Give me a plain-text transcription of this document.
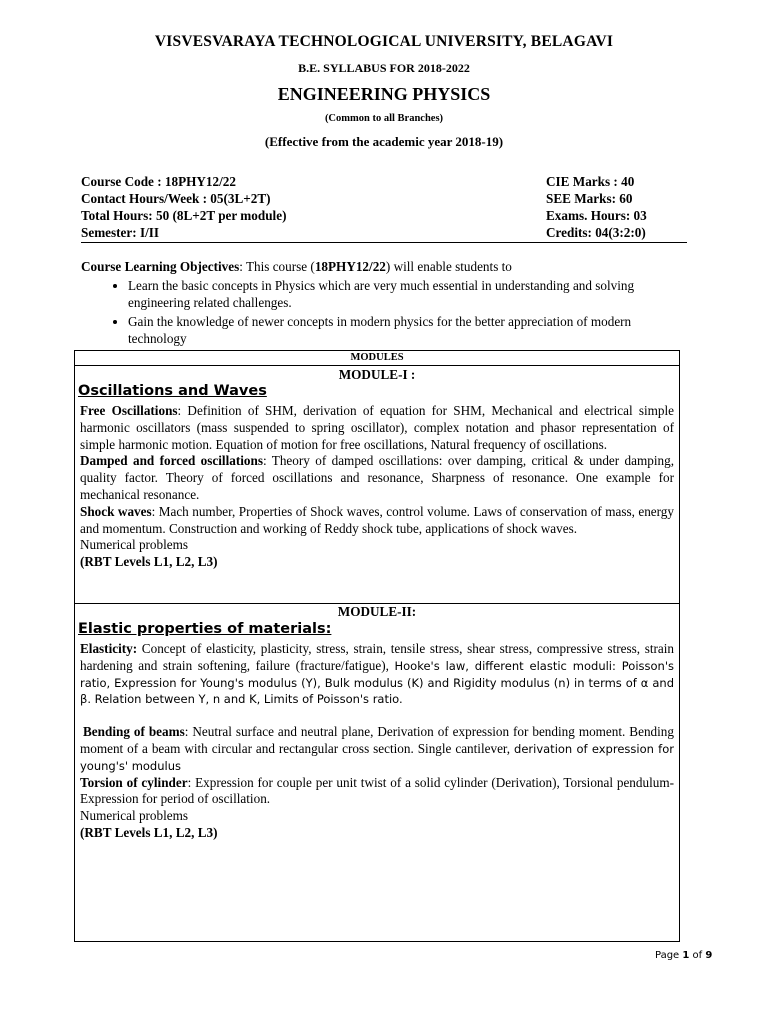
VISVESVARAYA TECHNOLOGICAL UNIVERSITY, BELAGAVI
B.E. SYLLABUS FOR 2018-2022
ENGINEERING PHYSICS
(Common to all Branches)
(Effective from the academic year 2018-19)
Course Code : 18PHY12/22	CIE Marks : 40
Contact Hours/Week : 05(3L+2T)	SEE Marks: 60
Total Hours: 50 (8L+2T per module)	Exams. Hours: 03
Semester: I/II	Credits: 04(3:2:0)
Course Learning Objectives: This course (18PHY12/22) will enable students to
• Learn the basic concepts in Physics which are very much essential in understanding and solving engineering related challenges.
• Gain the knowledge of newer concepts in modern physics for the better appreciation of modern technology
MODULES
MODULE-I :
Oscillations and Waves

Free Oscillations: Definition of SHM, derivation of equation for SHM, Mechanical and electrical simple harmonic oscillators (mass suspended to spring oscillator), complex notation and phasor representation of simple harmonic motion. Equation of motion for free oscillations, Natural frequency of oscillations.

Damped and forced oscillations: Theory of damped oscillations: over damping, critical & under damping, quality factor. Theory of forced oscillations and resonance, Sharpness of resonance. One example for mechanical resonance.

Shock waves: Mach number, Properties of Shock waves, control volume. Laws of conservation of mass, energy and momentum. Construction and working of Reddy shock tube, applications of shock waves.

Numerical problems

(RBT Levels L1, L2, L3)

MODULE-II:
Elastic properties of materials:

Elasticity: Concept of elasticity, plasticity, stress, strain, tensile stress, shear stress, compressive stress, strain hardening and strain softening, failure (fracture/fatigue), Hooke's law, different elastic moduli: Poisson's ratio, Expression for Young's modulus (Y), Bulk modulus (K) and Rigidity modulus (n) in terms of α and β. Relation between Y, n and K, Limits of Poisson's ratio.

Bending of beams: Neutral surface and neutral plane, Derivation of expression for bending moment. Bending moment of a beam with circular and rectangular cross section. Single cantilever, derivation of expression for young's' modulus

Torsion of cylinder: Expression for couple per unit twist of a solid cylinder (Derivation), Torsional pendulum-Expression for period of oscillation.

Numerical problems

(RBT Levels L1, L2, L3)

Page 1 of 9
